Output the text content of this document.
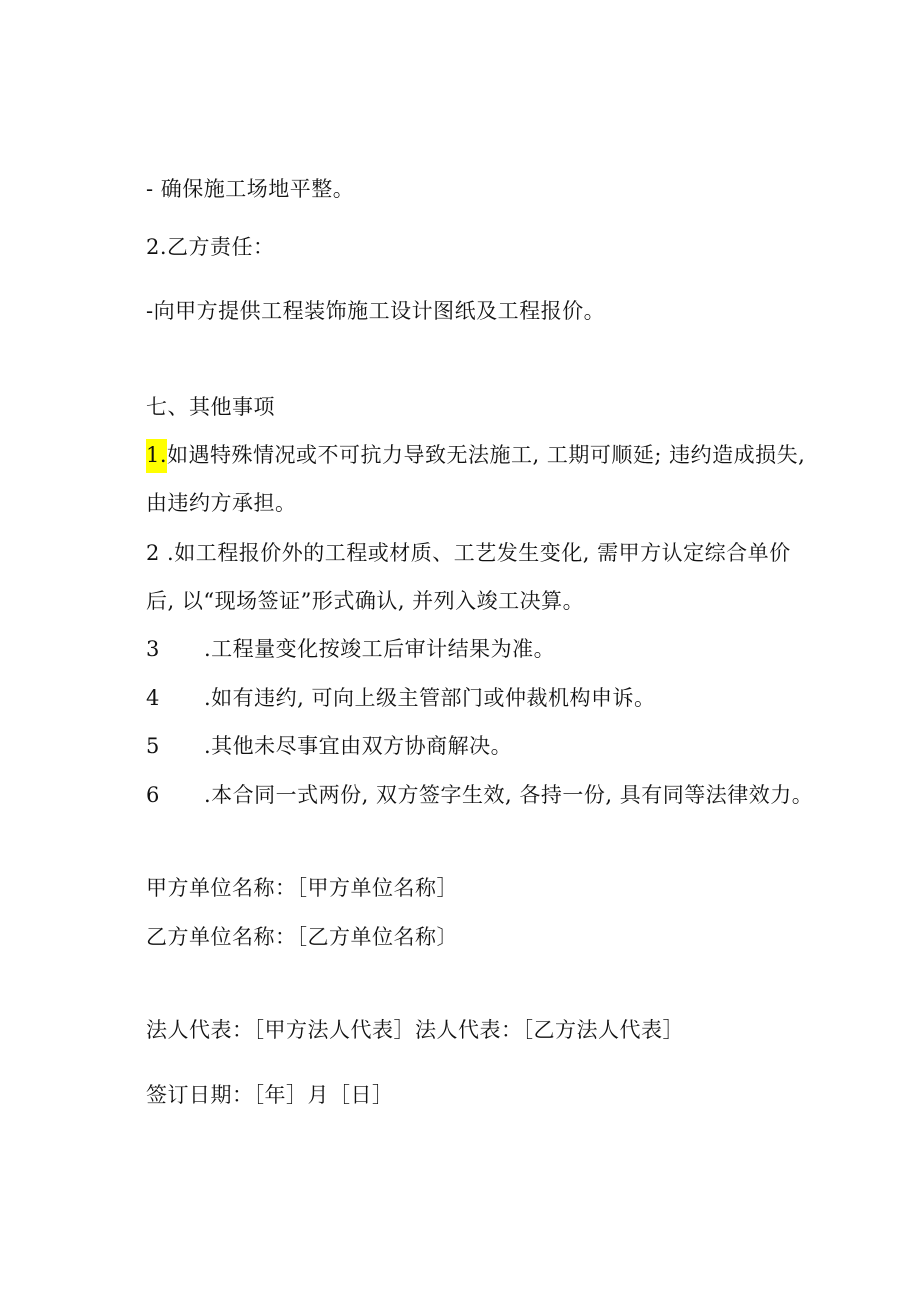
- 确保施工场地平整。
2.乙方责任：
-向甲方提供工程装饰施工设计图纸及工程报价。
七、其他事项
1.如遇特殊情况或不可抗力导致无法施工, 工期可顺延; 违约造成损失,
由违约方承担。
2 .如工程报价外的工程或材质、工艺发生变化, 需甲方认定综合单价
后, 以“现场签证”形式确认, 并列入竣工决算。
3 .工程量变化按竣工后审计结果为准。
4 .如有违约, 可向上级主管部门或仲裁机构申诉。
5 .其他未尽事宜由双方协商解决。
6 .本合同一式两份, 双方签字生效, 各持一份, 具有同等法律效力。
甲方单位名称：［甲方单位名称］
乙方单位名称：［乙方单位名称〕
法人代表：［甲方法人代表］法人代表：［乙方法人代表］
签订日期：［年］月［日］
